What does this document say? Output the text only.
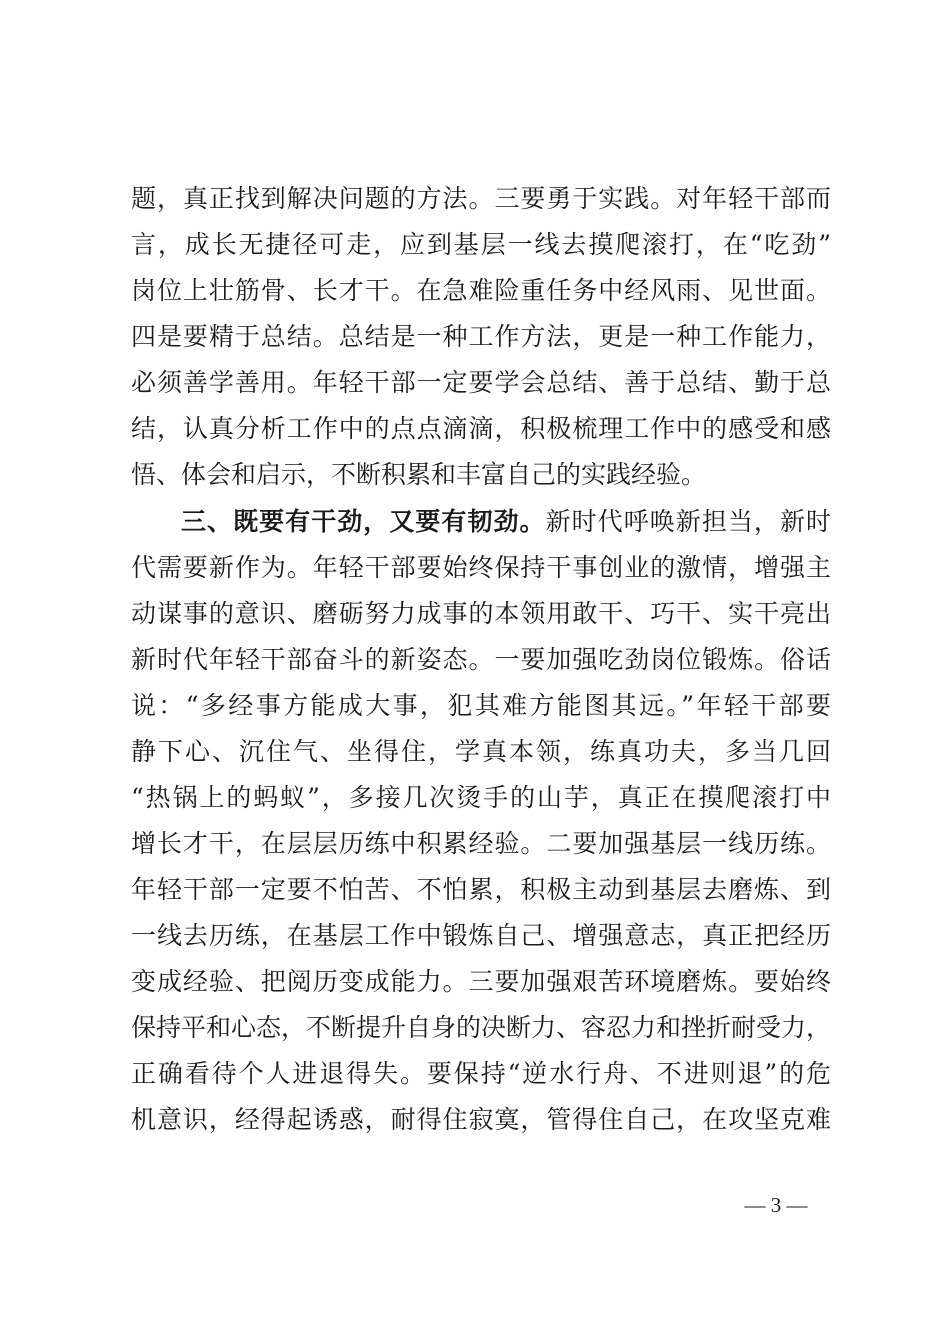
题，真正找到解决问题的方法。三要勇于实践。对年轻干部而
言，成长无捷径可走，应到基层一线去摸爬滚打，在“吃劲”
岗位上壮筋骨、长才干。在急难险重任务中经风雨、见世面。
四是要精于总结。总结是一种工作方法，更是一种工作能力，
必须善学善用。年轻干部一定要学会总结、善于总结、勤于总
结，认真分析工作中的点点滴滴，积极梳理工作中的感受和感
悟、体会和启示，不断积累和丰富自己的实践经验。
三、既要有干劲，又要有韧劲。新时代呼唤新担当，新时
代需要新作为。年轻干部要始终保持干事创业的激情，增强主
动谋事的意识、磨砺努力成事的本领用敢干、巧干、实干亮出
新时代年轻干部奋斗的新姿态。一要加强吃劲岗位锻炼。俗话
说：“多经事方能成大事，犯其难方能图其远。”年轻干部要
静下心、沉住气、坐得住，学真本领，练真功夫，多当几回
“热锅上的蚂蚁”，多接几次烫手的山芋，真正在摸爬滚打中
增长才干，在层层历练中积累经验。二要加强基层一线历练。
年轻干部一定要不怕苦、不怕累，积极主动到基层去磨炼、到
一线去历练，在基层工作中锻炼自己、增强意志，真正把经历
变成经验、把阅历变成能力。三要加强艰苦环境磨炼。要始终
保持平和心态，不断提升自身的决断力、容忍力和挫折耐受力，
正确看待个人进退得失。要保持“逆水行舟、不进则退”的危
机意识，经得起诱惑，耐得住寂寞，管得住自己，在攻坚克难
— 3 —
